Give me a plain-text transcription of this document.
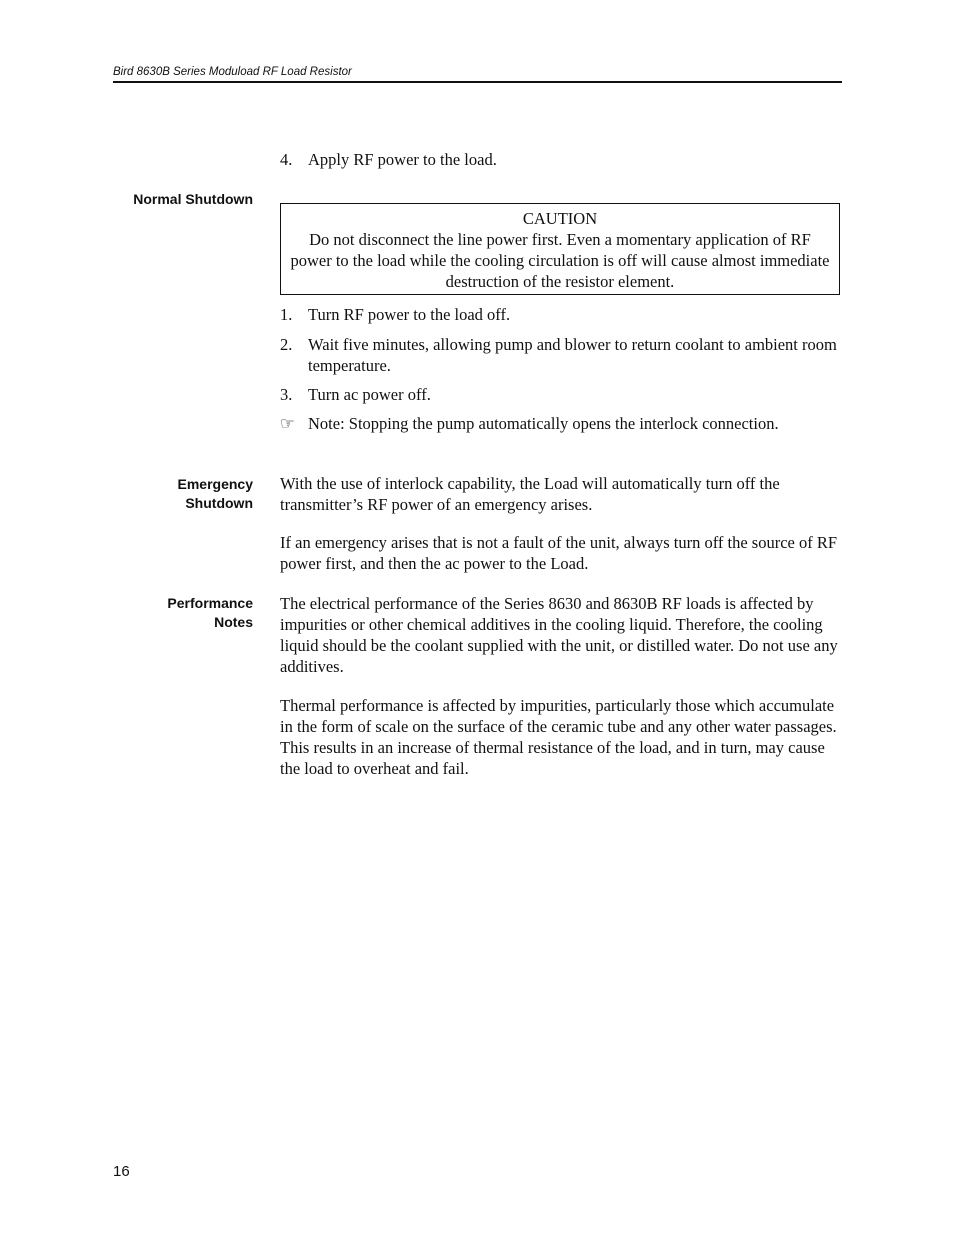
Bird 8630B Series Moduload RF Load Resistor
4. Apply RF power to the load.
Normal Shutdown
CAUTION
Do not disconnect the line power first. Even a momentary application of RF power to the load while the cooling circulation is off will cause almost immediate destruction of the resistor element.
1. Turn RF power to the load off.
2. Wait five minutes, allowing pump and blower to return coolant to ambient room temperature.
3. Turn ac power off.
☞ Note: Stopping the pump automatically opens the interlock connection.
Emergency
Shutdown
With the use of interlock capability, the Load will automatically turn off the transmitter’s RF power of an emergency arises.
If an emergency arises that is not a fault of the unit, always turn off the source of RF power first, and then the ac power to the Load.
Performance
Notes
The electrical performance of the Series 8630 and 8630B RF loads is affected by impurities or other chemical additives in the cooling liquid. Therefore, the cooling liquid should be the coolant supplied with the unit, or distilled water. Do not use any additives.
Thermal performance is affected by impurities, particularly those which accumulate in the form of scale on the surface of the ceramic tube and any other water passages. This results in an increase of thermal resistance of the load, and in turn, may cause the load to overheat and fail.
16
